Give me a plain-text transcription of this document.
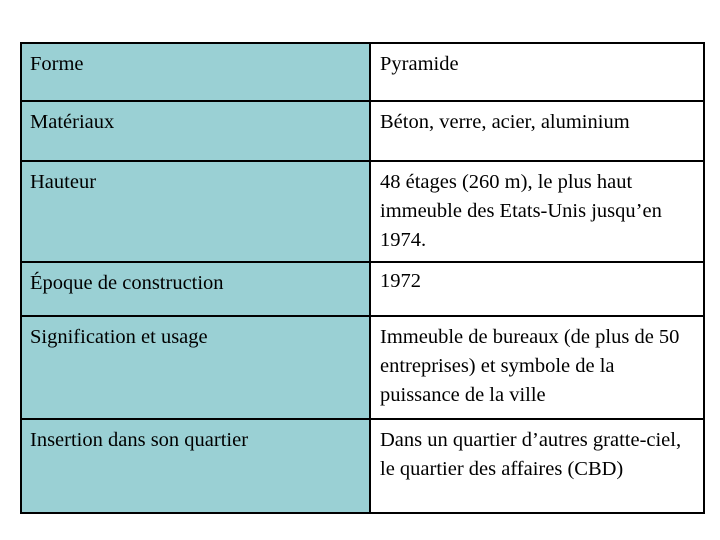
Forme	Pyramide
Matériaux	Béton, verre, acier, aluminium
Hauteur	48 étages (260 m), le plus haut immeuble des Etats-Unis jusqu’en 1974.
Époque de construction	1972
Signification et usage	Immeuble de bureaux (de plus de 50 entreprises) et symbole de la puissance de la ville
Insertion dans son quartier	Dans un quartier d’autres gratte-ciel, le quartier des affaires (CBD)
